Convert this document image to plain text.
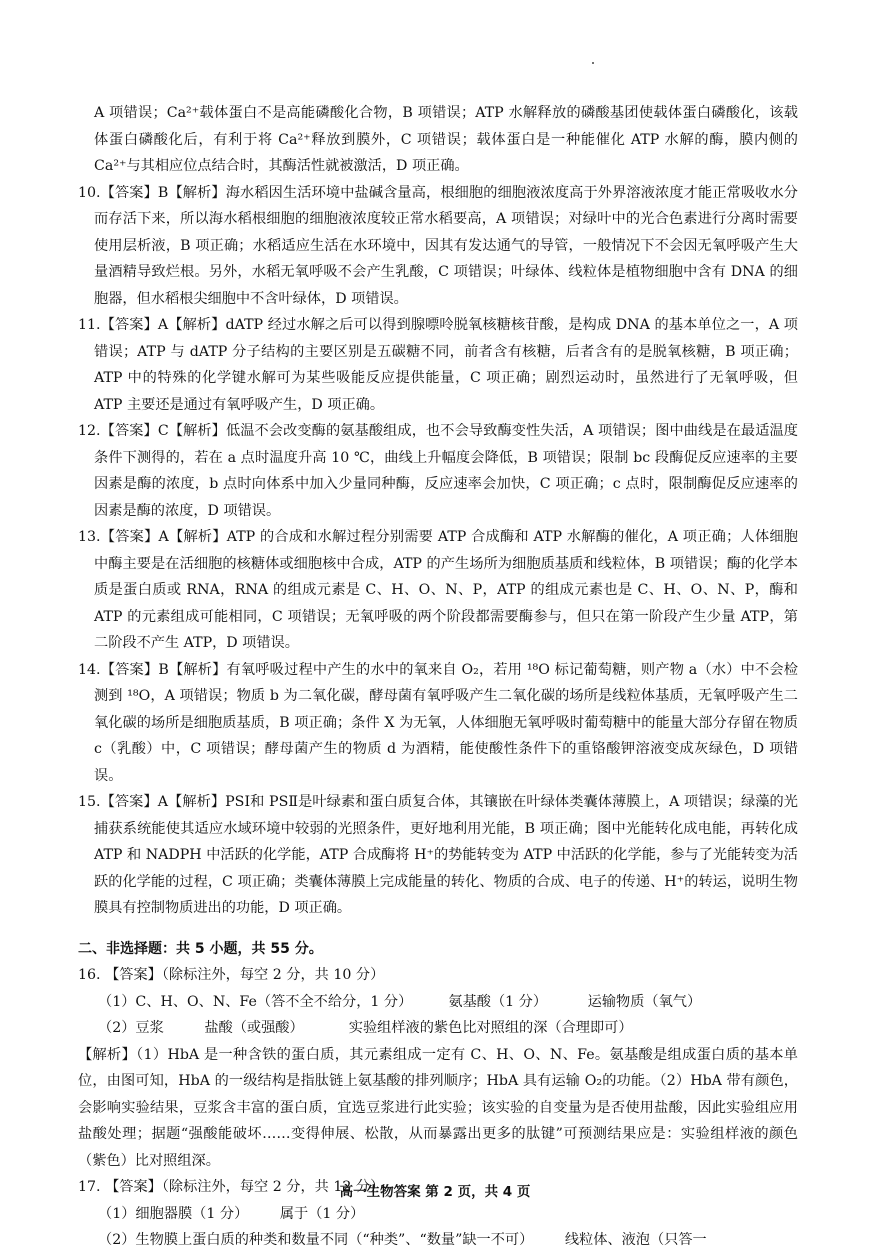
A 项错误；Ca²⁺载体蛋白不是高能磷酸化合物，B 项错误；ATP 水解释放的磷酸基团使载体蛋白磷酸化，该载体蛋白磷酸化后，有利于将 Ca²⁺释放到膜外，C 项错误；载体蛋白是一种能催化 ATP 水解的酶，膜内侧的 Ca²⁺与其相应位点结合时，其酶活性就被激活，D 项正确。

10.【答案】B【解析】海水稻因生活环境中盐碱含量高，根细胞的细胞液浓度高于外界溶液浓度才能正常吸收水分而存活下来，所以海水稻根细胞的细胞液浓度较正常水稻要高，A 项错误；对绿叶中的光合色素进行分离时需要使用层析液，B 项正确；水稻适应生活在水环境中，因其有发达通气的导管，一般情况下不会因无氧呼吸产生大量酒精导致烂根。另外，水稻无氧呼吸不会产生乳酸，C 项错误；叶绿体、线粒体是植物细胞中含有 DNA 的细胞器，但水稻根尖细胞中不含叶绿体，D 项错误。

11.【答案】A【解析】dATP 经过水解之后可以得到腺嘌呤脱氧核糖核苷酸，是构成 DNA 的基本单位之一，A 项错误；ATP 与 dATP 分子结构的主要区别是五碳糖不同，前者含有核糖，后者含有的是脱氧核糖，B 项正确；ATP 中的特殊的化学键水解可为某些吸能反应提供能量，C 项正确；剧烈运动时，虽然进行了无氧呼吸，但 ATP 主要还是通过有氧呼吸产生，D 项正确。

12.【答案】C【解析】低温不会改变酶的氨基酸组成，也不会导致酶变性失活，A 项错误；图中曲线是在最适温度条件下测得的，若在 a 点时温度升高 10 ℃，曲线上升幅度会降低，B 项错误；限制 bc 段酶促反应速率的主要因素是酶的浓度，b 点时向体系中加入少量同种酶，反应速率会加快，C 项正确；c 点时，限制酶促反应速率的因素是酶的浓度，D 项错误。

13.【答案】A【解析】ATP 的合成和水解过程分别需要 ATP 合成酶和 ATP 水解酶的催化，A 项正确；人体细胞中酶主要是在活细胞的核糖体或细胞核中合成，ATP 的产生场所为细胞质基质和线粒体，B 项错误；酶的化学本质是蛋白质或 RNA，RNA 的组成元素是 C、H、O、N、P，ATP 的组成元素也是 C、H、O、N、P，酶和 ATP 的元素组成可能相同，C 项错误；无氧呼吸的两个阶段都需要酶参与，但只在第一阶段产生少量 ATP，第二阶段不产生 ATP，D 项错误。

14.【答案】B【解析】有氧呼吸过程中产生的水中的氧来自 O₂，若用 ¹⁸O 标记葡萄糖，则产物 a（水）中不会检测到 ¹⁸O，A 项错误；物质 b 为二氧化碳，酵母菌有氧呼吸产生二氧化碳的场所是线粒体基质，无氧呼吸产生二氧化碳的场所是细胞质基质，B 项正确；条件 X 为无氧，人体细胞无氧呼吸时葡萄糖中的能量大部分存留在物质 c（乳酸）中，C 项错误；酵母菌产生的物质 d 为酒精，能使酸性条件下的重铬酸钾溶液变成灰绿色，D 项错误。

15.【答案】A【解析】PSⅠ和 PSⅡ是叶绿素和蛋白质复合体，其镶嵌在叶绿体类囊体薄膜上，A 项错误；绿藻的光捕获系统能使其适应水域环境中较弱的光照条件，更好地利用光能，B 项正确；图中光能转化成电能，再转化成 ATP 和 NADPH 中活跃的化学能，ATP 合成酶将 H⁺的势能转变为 ATP 中活跃的化学能，参与了光能转变为活跃的化学能的过程，C 项正确；类囊体薄膜上完成能量的转化、物质的合成、电子的传递、H⁺的转运，说明生物膜具有控制物质进出的功能，D 项正确。

二、非选择题：共 5 小题，共 55 分。

16. 【答案】（除标注外，每空 2 分，共 10 分）

（1）C、H、O、N、Fe（答不全不给分，1 分）        氨基酸（1 分）         运输物质（氧气）

（2）豆浆         盐酸（或强酸）          实验组样液的紫色比对照组的深（合理即可）

【解析】（1）HbA 是一种含铁的蛋白质，其元素组成一定有 C、H、O、N、Fe。氨基酸是组成蛋白质的基本单位，由图可知，HbA 的一级结构是指肽链上氨基酸的排列顺序；HbA 具有运输 O₂的功能。（2）HbA 带有颜色，会影响实验结果，豆浆含丰富的蛋白质，宜选豆浆进行此实验；该实验的自变量为是否使用盐酸，因此实验组应用盐酸处理；据题“强酸能破坏……变得伸展、松散，从而暴露出更多的肽键”可预测结果应是：实验组样液的颜色（紫色）比对照组深。

17. 【答案】（除标注外，每空 2 分，共 12 分）

（1）细胞器膜（1 分）       属于（1 分）

（2）生物膜上蛋白质的种类和数量不同（“种类”、“数量”缺一不可）       线粒体、液泡（只答一

高一生物答案 第 2 页，共 4 页
